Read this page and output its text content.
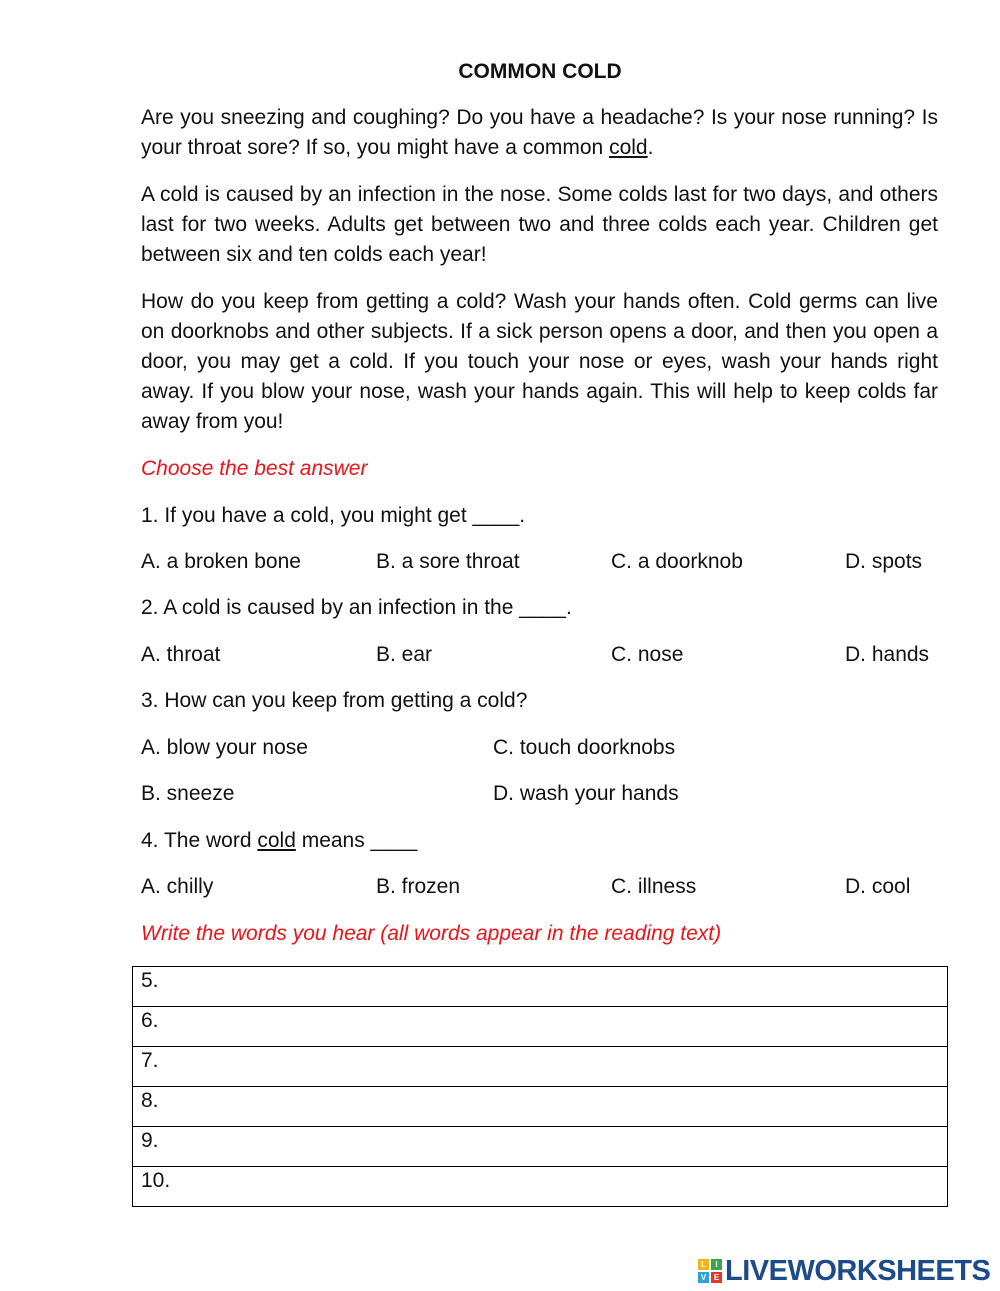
COMMON COLD

Are you sneezing and coughing? Do you have a headache? Is your nose running? Is your throat sore? If so, you might have a common cold.

A cold is caused by an infection in the nose. Some colds last for two days, and others last for two weeks. Adults get between two and three colds each year. Children get between six and ten colds each year!

How do you keep from getting a cold? Wash your hands often. Cold germs can live on doorknobs and other subjects. If a sick person opens a door, and then you open a door, you may get a cold. If you touch your nose or eyes, wash your hands right away. If you blow your nose, wash your hands again. This will help to keep colds far away from you!

Choose the best answer
1. If you have a cold, you might get ____.
A. a broken bone	B. a sore throat	C. a doorknob	D. spots
2. A cold is caused by an infection in the ____.
A. throat	B. ear	C. nose	D. hands
3. How can you keep from getting a cold?
A. blow your nose	C. touch doorknobs
B. sneeze	D. wash your hands
4. The word cold means ____
A. chilly	B. frozen	C. illness	D. cool
Write the words you hear (all words appear in the reading text)
5.
6.
7.
8.
9.
10.
L	I
V E LIVEWORKSHEETS
